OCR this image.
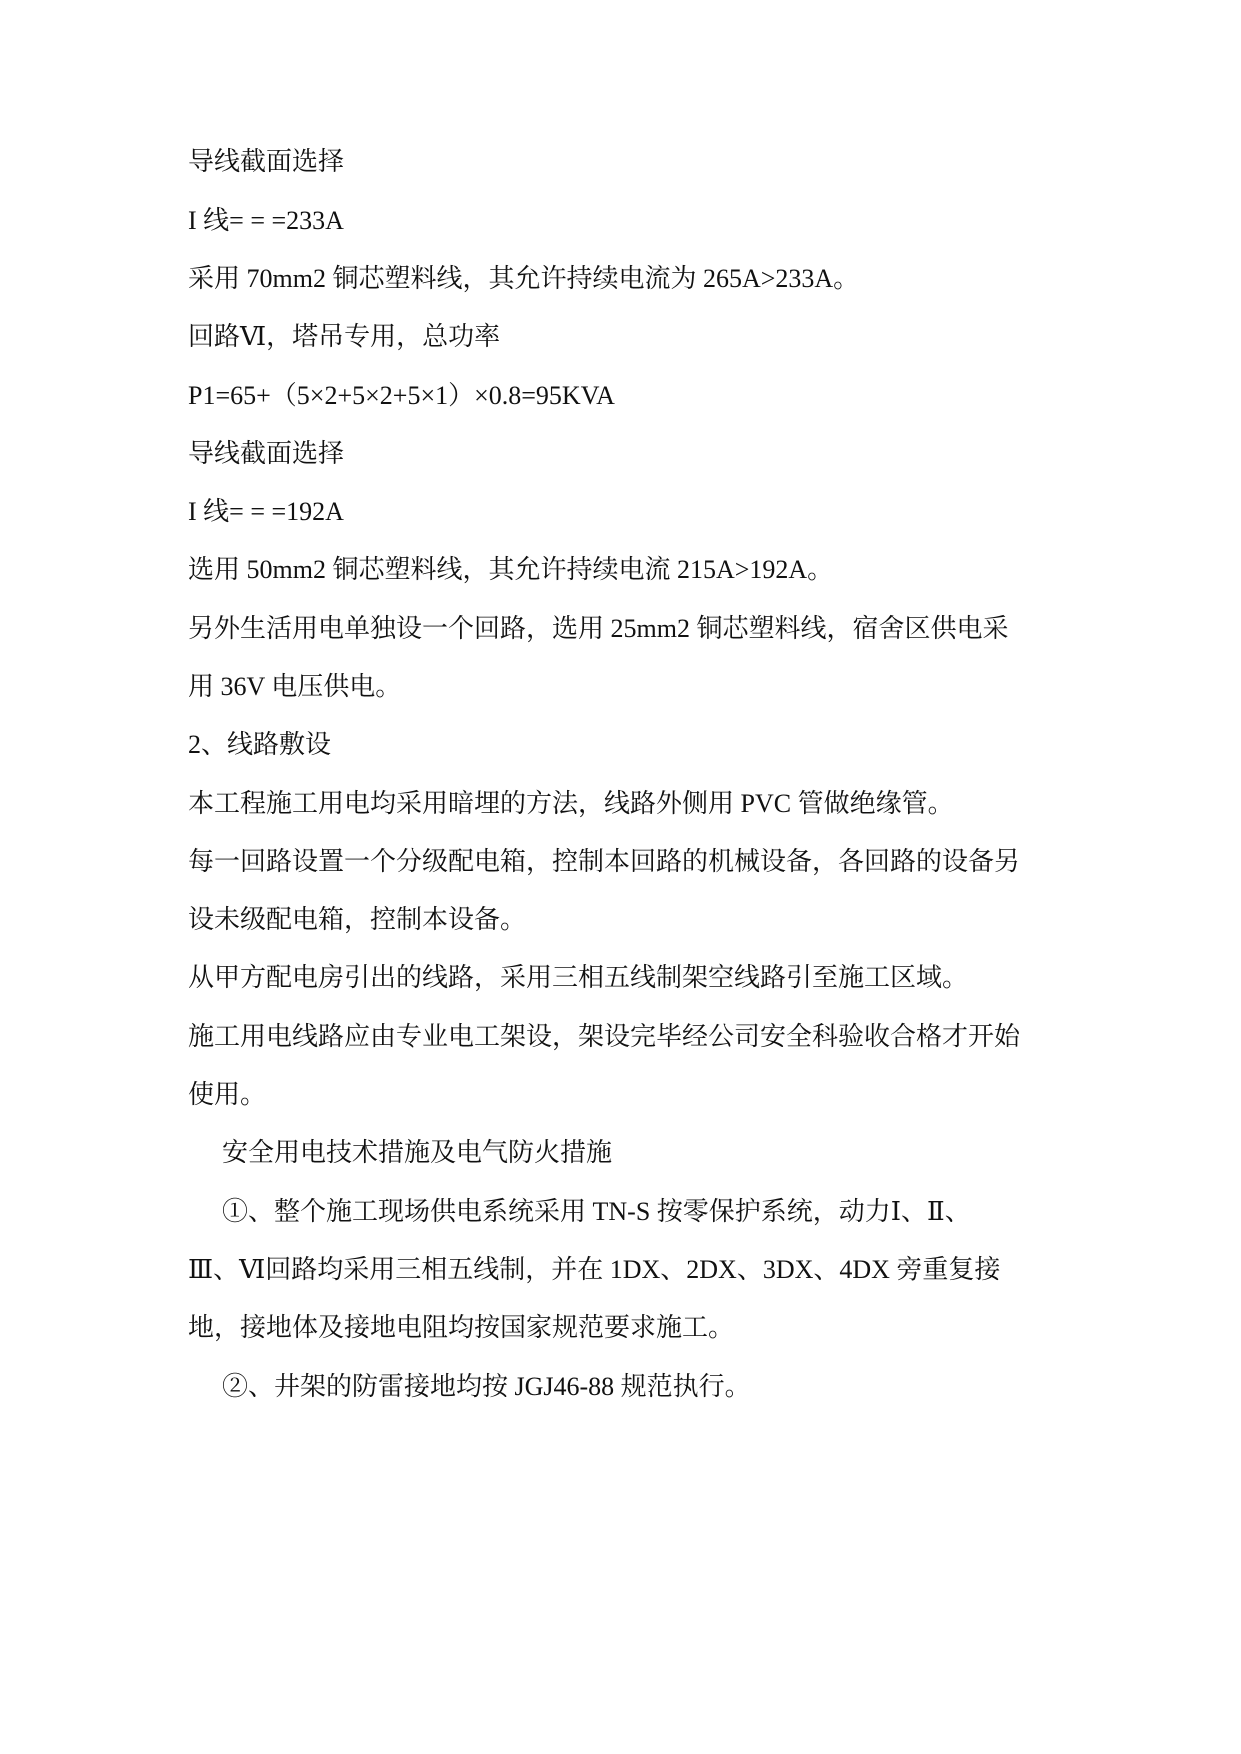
导线截面选择

I 线= = =233A

采用 70mm2 铜芯塑料线，其允许持续电流为 265A>233A。

回路Ⅵ，塔吊专用，总功率

P1=65+（5×2+5×2+5×1）×0.8=95KVA

导线截面选择

I 线= = =192A

选用 50mm2 铜芯塑料线，其允许持续电流 215A>192A。

另外生活用电单独设一个回路，选用 25mm2 铜芯塑料线，宿舍区供电采

用 36V 电压供电。

2、线路敷设

本工程施工用电均采用暗埋的方法，线路外侧用 PVC 管做绝缘管。

每一回路设置一个分级配电箱，控制本回路的机械设备，各回路的设备另

设未级配电箱，控制本设备。

从甲方配电房引出的线路，采用三相五线制架空线路引至施工区域。

施工用电线路应由专业电工架设，架设完毕经公司安全科验收合格才开始

使用。

安全用电技术措施及电气防火措施

①、整个施工现场供电系统采用 TN-S 按零保护系统，动力Ⅰ、Ⅱ、

Ⅲ、Ⅵ回路均采用三相五线制，并在 1DX、2DX、3DX、4DX 旁重复接

地，接地体及接地电阻均按国家规范要求施工。

②、井架的防雷接地均按 JGJ46-88 规范执行。
